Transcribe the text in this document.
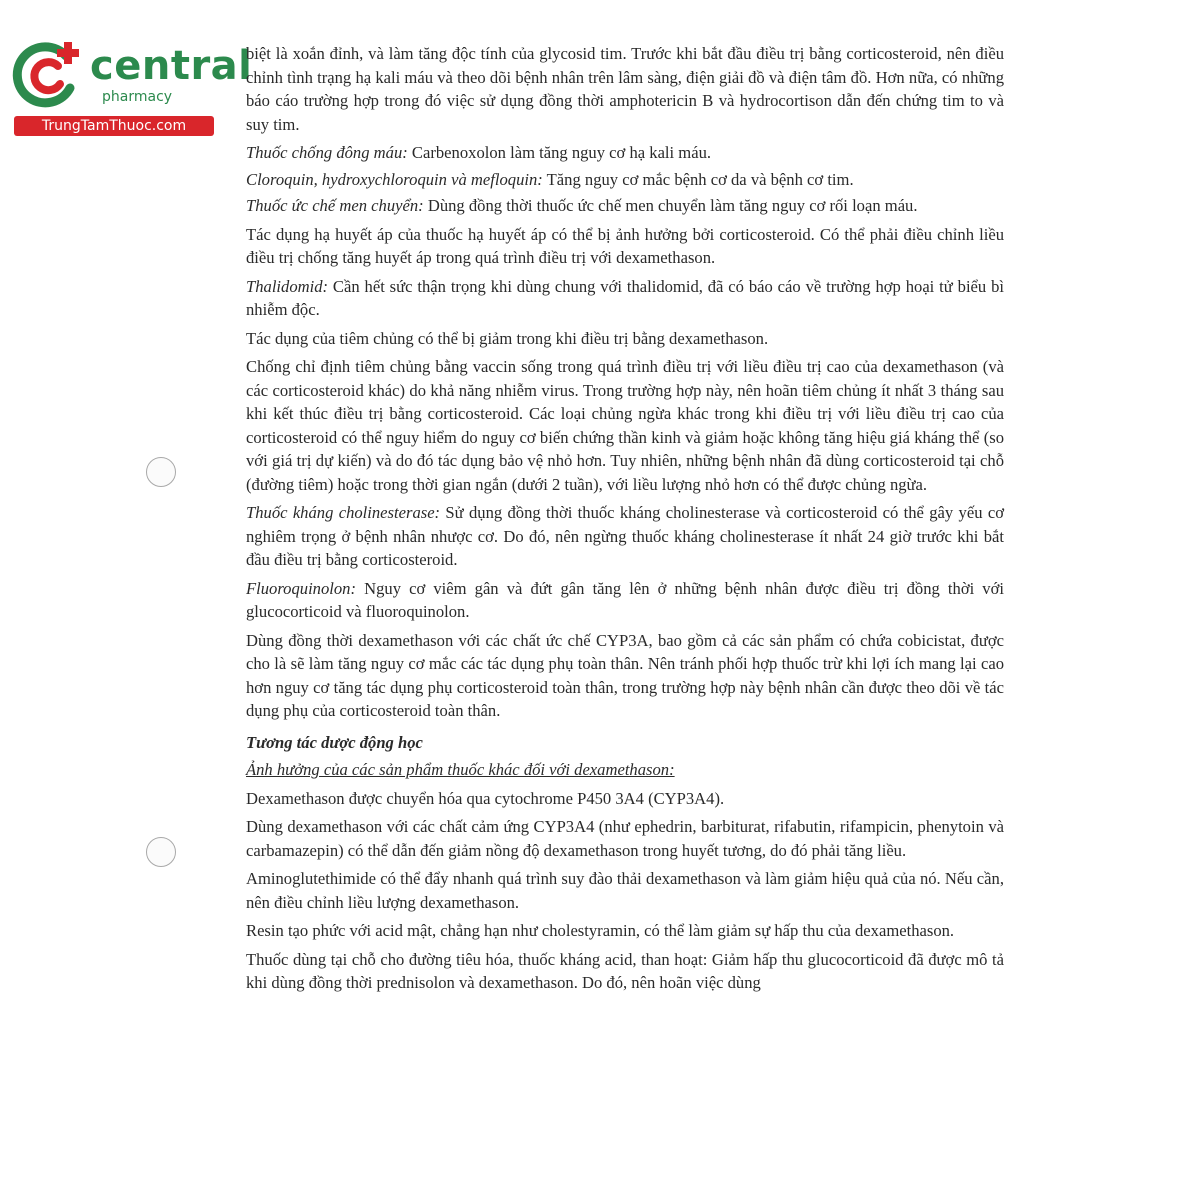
central
pharmacy
TrungTamThuoc.com

biệt là xoắn đỉnh, và làm tăng độc tính của glycosid tim. Trước khi bắt đầu điều trị bằng corticosteroid, nên điều chỉnh tình trạng hạ kali máu và theo dõi bệnh nhân trên lâm sàng, điện giải đồ và điện tâm đồ. Hơn nữa, có những báo cáo trường hợp trong đó việc sử dụng đồng thời amphotericin B và hydrocortison dẫn đến chứng tim to và suy tim.

Thuốc chống đông máu: Carbenoxolon làm tăng nguy cơ hạ kali máu.

Cloroquin, hydroxychloroquin và mefloquin: Tăng nguy cơ mắc bệnh cơ da và bệnh cơ tim.

Thuốc ức chế men chuyển: Dùng đồng thời thuốc ức chế men chuyển làm tăng nguy cơ rối loạn máu.

Tác dụng hạ huyết áp của thuốc hạ huyết áp có thể bị ảnh hưởng bởi corticosteroid. Có thể phải điều chỉnh liều điều trị chống tăng huyết áp trong quá trình điều trị với dexamethason.

Thalidomid: Cần hết sức thận trọng khi dùng chung với thalidomid, đã có báo cáo về trường hợp hoại tử biểu bì nhiễm độc.

Tác dụng của tiêm chủng có thể bị giảm trong khi điều trị bằng dexamethason.

Chống chỉ định tiêm chủng bằng vaccin sống trong quá trình điều trị với liều điều trị cao của dexamethason (và các corticosteroid khác) do khả năng nhiễm virus. Trong trường hợp này, nên hoãn tiêm chủng ít nhất 3 tháng sau khi kết thúc điều trị bằng corticosteroid. Các loại chủng ngừa khác trong khi điều trị với liều điều trị cao của corticosteroid có thể nguy hiểm do nguy cơ biến chứng thần kinh và giảm hoặc không tăng hiệu giá kháng thể (so với giá trị dự kiến) và do đó tác dụng bảo vệ nhỏ hơn. Tuy nhiên, những bệnh nhân đã dùng corticosteroid tại chỗ (đường tiêm) hoặc trong thời gian ngắn (dưới 2 tuần), với liều lượng nhỏ hơn có thể được chủng ngừa.

Thuốc kháng cholinesterase: Sử dụng đồng thời thuốc kháng cholinesterase và corticosteroid có thể gây yếu cơ nghiêm trọng ở bệnh nhân nhược cơ. Do đó, nên ngừng thuốc kháng cholinesterase ít nhất 24 giờ trước khi bắt đầu điều trị bằng corticosteroid.

Fluoroquinolon: Nguy cơ viêm gân và đứt gân tăng lên ở những bệnh nhân được điều trị đồng thời với glucocorticoid và fluoroquinolon.

Dùng đồng thời dexamethason với các chất ức chế CYP3A, bao gồm cả các sản phẩm có chứa cobicistat, được cho là sẽ làm tăng nguy cơ mắc các tác dụng phụ toàn thân. Nên tránh phối hợp thuốc trừ khi lợi ích mang lại cao hơn nguy cơ tăng tác dụng phụ corticosteroid toàn thân, trong trường hợp này bệnh nhân cần được theo dõi về tác dụng phụ của corticosteroid toàn thân.

Tương tác dược động học
Ảnh hưởng của các sản phẩm thuốc khác đối với dexamethason:

Dexamethason được chuyển hóa qua cytochrome P450 3A4 (CYP3A4).

Dùng dexamethason với các chất cảm ứng CYP3A4 (như ephedrin, barbiturat, rifabutin, rifampicin, phenytoin và carbamazepin) có thể dẫn đến giảm nồng độ dexamethason trong huyết tương, do đó phải tăng liều.

Aminoglutethimide có thể đẩy nhanh quá trình suy đào thải dexamethason và làm giảm hiệu quả của nó. Nếu cần, nên điều chỉnh liều lượng dexamethason.

Resin tạo phức với acid mật, chẳng hạn như cholestyramin, có thể làm giảm sự hấp thu của dexamethason.

Thuốc dùng tại chỗ cho đường tiêu hóa, thuốc kháng acid, than hoạt: Giảm hấp thu glucocorticoid đã được mô tả khi dùng đồng thời prednisolon và dexamethason. Do đó, nên hoãn việc dùng
